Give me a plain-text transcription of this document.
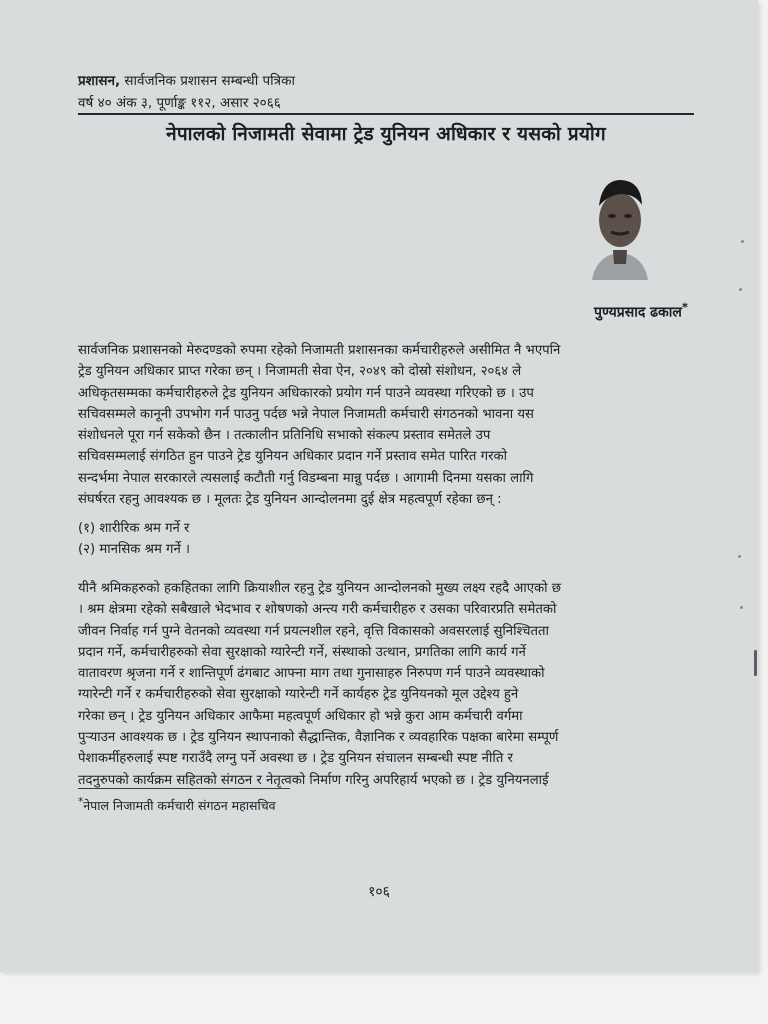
प्रशासन, सार्वजनिक प्रशासन सम्बन्धी पत्रिका
वर्ष ४० अंक ३, पूर्णाङ्क ११२, असार २०६६
नेपालको निजामती सेवामा ट्रेड युनियन अधिकार र यसको प्रयोग
पुण्यप्रसाद ढकाल*
सार्वजनिक प्रशासनको मेरुदण्डको रुपमा रहेको निजामती प्रशासनका कर्मचारीहरुले असीमित नै भएपनि
ट्रेड युनियन अधिकार प्राप्त गरेका छन् । निजामती सेवा ऐन, २०४९ को दोस्रो संशोधन, २०६४ ले
अधिकृतसम्मका कर्मचारीहरुले ट्रेड युनियन अधिकारको प्रयोग गर्न पाउने व्यवस्था गरिएको छ । उप
सचिवसम्मले कानूनी उपभोग गर्न पाउनु पर्दछ भन्ने नेपाल निजामती कर्मचारी संगठनको भावना यस
संशोधनले पूरा गर्न सकेको छैन । तत्कालीन प्रतिनिधि सभाको संकल्प प्रस्ताव समेतले उप
सचिवसम्मलाई संगठित हुन पाउने ट्रेड युनियन अधिकार प्रदान गर्ने प्रस्ताव समेत पारित गरको
सन्दर्भमा नेपाल सरकारले त्यसलाई कटौती गर्नु विडम्बना मान्नु पर्दछ । आगामी दिनमा यसका लागि
संघर्षरत रहनु आवश्यक छ । मूलतः ट्रेड युनियन आन्दोलनमा दुई क्षेत्र महत्वपूर्ण रहेका छन् :
(१) शारीरिक श्रम गर्ने र
(२) मानसिक श्रम गर्ने ।
यीनै श्रमिकहरुको हकहितका लागि क्रियाशील रहनु ट्रेड युनियन आन्दोलनको मुख्य लक्ष्य रहदै आएको छ
। श्रम क्षेत्रमा रहेको सबैखाले भेदभाव र शोषणको अन्त्य गरी कर्मचारीहरु र उसका परिवारप्रति समेतको
जीवन निर्वाह गर्न पुग्ने वेतनको व्यवस्था गर्न प्रयत्नशील रहने, वृत्ति विकासको अवसरलाई सुनिश्चितता
प्रदान गर्ने, कर्मचारीहरुको सेवा सुरक्षाको ग्यारेन्टी गर्ने, संस्थाको उत्थान, प्रगतिका लागि कार्य गर्ने
वातावरण श्रृजना गर्ने र शान्तिपूर्ण ढंगबाट आफ्ना माग तथा गुनासाहरु निरुपण गर्न पाउने व्यवस्थाको
ग्यारेन्टी गर्ने र कर्मचारीहरुको सेवा सुरक्षाको ग्यारेन्टी गर्ने कार्यहरु ट्रेड युनियनको मूल उद्देश्य हुने
गरेका छन् । ट्रेड युनियन अधिकार आफैमा महत्वपूर्ण अधिकार हो भन्ने कुरा आम कर्मचारी वर्गमा
पुऱ्याउन आवश्यक छ । ट्रेड युनियन स्थापनाको सैद्धान्तिक, वैज्ञानिक र व्यवहारिक पक्षका बारेमा सम्पूर्ण
पेशाकर्मीहरुलाई स्पष्ट गराउँदै लग्नु पर्ने अवस्था छ । ट्रेड युनियन संचालन सम्बन्धी स्पष्ट नीति र
तदनुरुपको कार्यक्रम सहितको संगठन र नेतृत्वको निर्माण गरिनु अपरिहार्य भएको छ । ट्रेड युनियनलाई
*नेपाल निजामती कर्मचारी संगठन महासचिव
१०६
